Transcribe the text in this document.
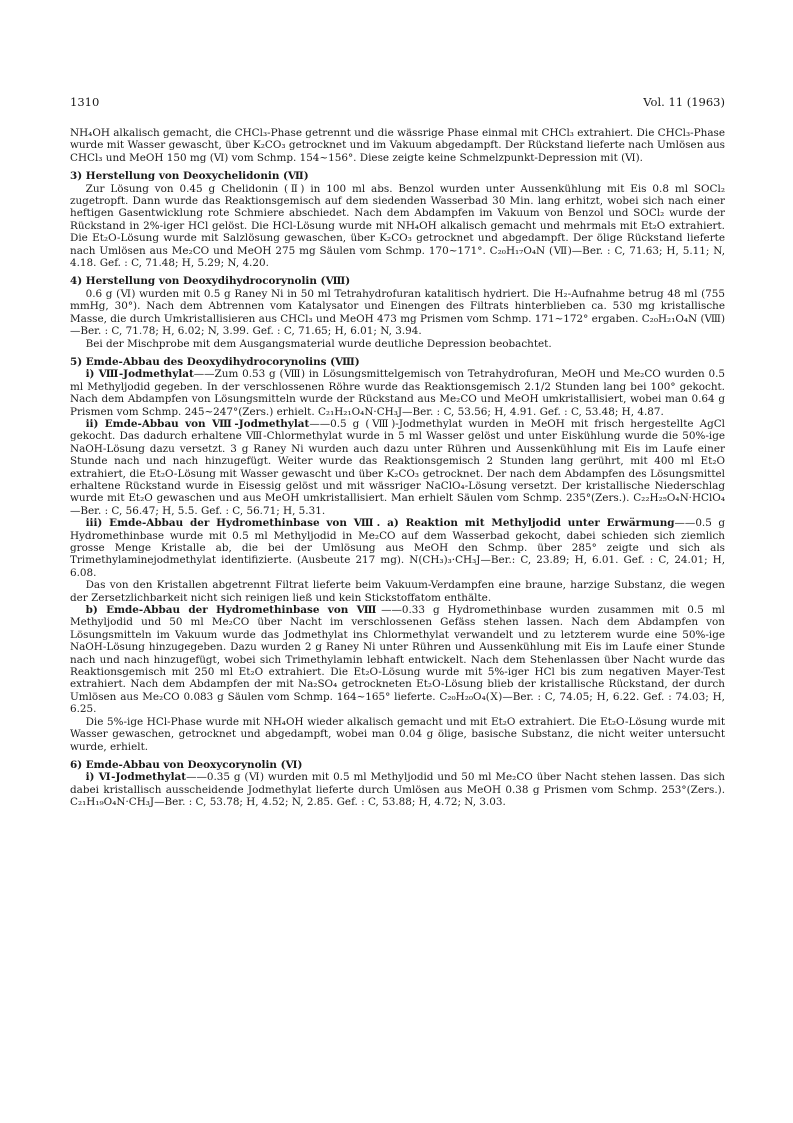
1310	Vol. 11 (1963)

NH₄OH alkalisch gemacht, die CHCl₃-Phase getrennt und die wässrige Phase einmal mit CHCl₃ extrahiert. Die CHCl₃-Phase wurde mit Wasser gewascht, über K₂CO₃ getrocknet und im Vakuum abgedampft. Der Rückstand lieferte nach Umlösen aus CHCl₃ und MeOH 150 mg (Ⅵ) vom Schmp. 154~156°. Diese zeigte keine Schmelzpunkt-Depression mit (Ⅵ).

3) Herstellung von Deoxychelidonin (Ⅶ)

Zur Lösung von 0.45 g Chelidonin (Ⅱ) in 100 ml abs. Benzol wurden unter Aussenkühlung mit Eis 0.8 ml SOCl₂ zugetropft. Dann wurde das Reaktionsgemisch auf dem siedenden Wasserbad 30 Min. lang erhitzt, wobei sich nach einer heftigen Gasentwicklung rote Schmiere abschiedet. Nach dem Abdampfen im Vakuum von Benzol und SOCl₂ wurde der Rückstand in 2%-iger HCl gelöst. Die HCl-Lösung wurde mit NH₄OH alkalisch gemacht und mehrmals mit Et₂O extrahiert. Die Et₂O-Lösung wurde mit Salzlösung gewaschen, über K₂CO₃ getrocknet und abgedampft. Der ölige Rückstand lieferte nach Umlösen aus Me₂CO und MeOH 275 mg Säulen vom Schmp. 170~171°. C₂₀H₁₇O₄N (Ⅶ)—Ber. : C, 71.63; H, 5.11; N, 4.18. Gef. : C, 71.48; H, 5.29; N, 4.20.

4) Herstellung von Deoxydihydrocorynolin (Ⅷ)

0.6 g (Ⅵ) wurden mit 0.5 g Raney Ni in 50 ml Tetrahydrofuran katalitisch hydriert. Die H₂-Aufnahme betrug 48 ml (755 mmHg, 30°). Nach dem Abtrennen vom Katalysator und Einengen des Filtrats hinterblieben ca. 530 mg kristallische Masse, die durch Umkristallisieren aus CHCl₃ und MeOH 473 mg Prismen vom Schmp. 171~172° ergaben. C₂₀H₂₁O₄N (Ⅷ)—Ber. : C, 71.78; H, 6.02; N, 3.99. Gef. : C, 71.65; H, 6.01; N, 3.94.

Bei der Mischprobe mit dem Ausgangsmaterial wurde deutliche Depression beobachtet.

5) Emde-Abbau des Deoxydihydrocorynolins (Ⅷ)

i) Ⅷ-Jodmethylat——Zum 0.53 g (Ⅷ) in Lösungsmittelgemisch von Tetrahydrofuran, MeOH und Me₂CO wurden 0.5 ml Methyljodid gegeben. In der verschlossenen Röhre wurde das Reaktionsgemisch 2.1/2 Stunden lang bei 100° gekocht. Nach dem Abdampfen von Lösungsmitteln wurde der Rückstand aus Me₂CO und MeOH umkristallisiert, wobei man 0.64 g Prismen vom Schmp. 245~247°(Zers.) erhielt. C₂₁H₂₁O₄N·CH₃J—Ber. : C, 53.56; H, 4.91. Gef. : C, 53.48; H, 4.87.

ii) Emde-Abbau von Ⅷ-Jodmethylat——0.5 g (Ⅷ)-Jodmethylat wurden in MeOH mit frisch hergestellte AgCl gekocht. Das dadurch erhaltene Ⅷ-Chlormethylat wurde in 5 ml Wasser gelöst und unter Eiskühlung wurde die 50%-ige NaOH-Lösung dazu versetzt. 3 g Raney Ni wurden auch dazu unter Rühren und Aussenkühlung mit Eis im Laufe einer Stunde nach und nach hinzugefügt. Weiter wurde das Reaktionsgemisch 2 Stunden lang gerührt, mit 400 ml Et₂O extrahiert, die Et₂O-Lösung mit Wasser gewascht und über K₂CO₃ getrocknet. Der nach dem Abdampfen des Lösungsmittel erhaltene Rückstand wurde in Eisessig gelöst und mit wässriger NaClO₄-Lösung versetzt. Der kristallische Niederschlag wurde mit Et₂O gewaschen und aus MeOH umkristallisiert. Man erhielt Säulen vom Schmp. 235°(Zers.). C₂₂H₂₅O₄N·HClO₄—Ber. : C, 56.47; H, 5.5. Gef. : C, 56.71; H, 5.31.

iii) Emde-Abbau der Hydromethinbase von Ⅷ. a) Reaktion mit Methyljodid unter Erwärmung——0.5 g Hydromethinbase wurde mit 0.5 ml Methyljodid in Me₂CO auf dem Wasserbad gekocht, dabei schieden sich ziemlich grosse Menge Kristalle ab, die bei der Umlösung aus MeOH den Schmp. über 285° zeigte und sich als Trimethylaminejodmethylat identifizierte. (Ausbeute 217 mg). N(CH₃)₃·CH₃J—Ber.: C, 23.89; H, 6.01. Gef. : C, 24.01; H, 6.08.

Das von den Kristallen abgetrennt Filtrat lieferte beim Vakuum-Verdampfen eine braune, harzige Substanz, die wegen der Zersetzlichbarkeit nicht sich reinigen ließ und kein Stickstoffatom enthälte.

b) Emde-Abbau der Hydromethinbase von Ⅷ——0.33 g Hydromethinbase wurden zusammen mit 0.5 ml Methyljodid und 50 ml Me₂CO über Nacht im verschlossenen Gefäss stehen lassen. Nach dem Abdampfen von Lösungsmitteln im Vakuum wurde das Jodmethylat ins Chlormethylat verwandelt und zu letzterem wurde eine 50%-ige NaOH-Lösung hinzugegeben. Dazu wurden 2 g Raney Ni unter Rühren und Aussenkühlung mit Eis im Laufe einer Stunde nach und nach hinzugefügt, wobei sich Trimethylamin lebhaft entwickelt. Nach dem Stehenlassen über Nacht wurde das Reaktionsgemisch mit 250 ml Et₂O extrahiert. Die Et₂O-Lösung wurde mit 5%-iger HCl bis zum negativen Mayer-Test extrahiert. Nach dem Abdampfen der mit Na₂SO₄ getrockneten Et₂O-Lösung blieb der kristallische Rückstand, der durch Umlösen aus Me₂CO 0.083 g Säulen vom Schmp. 164~165° lieferte. C₂₀H₂₀O₄(Ⅹ)—Ber. : C, 74.05; H, 6.22. Gef. : 74.03; H, 6.25.

Die 5%-ige HCl-Phase wurde mit NH₄OH wieder alkalisch gemacht und mit Et₂O extrahiert. Die Et₂O-Lösung wurde mit Wasser gewaschen, getrocknet und abgedampft, wobei man 0.04 g ölige, basische Substanz, die nicht weiter untersucht wurde, erhielt.

6) Emde-Abbau von Deoxycorynolin (Ⅵ)

i) Ⅵ-Jodmethylat——0.35 g (Ⅵ) wurden mit 0.5 ml Methyljodid und 50 ml Me₂CO über Nacht stehen lassen. Das sich dabei kristallisch ausscheidende Jodmethylat lieferte durch Umlösen aus MeOH 0.38 g Prismen vom Schmp. 253°(Zers.). C₂₁H₁₉O₄N·CH₃J—Ber. : C, 53.78; H, 4.52; N, 2.85. Gef. : C, 53.88; H, 4.72; N, 3.03.
